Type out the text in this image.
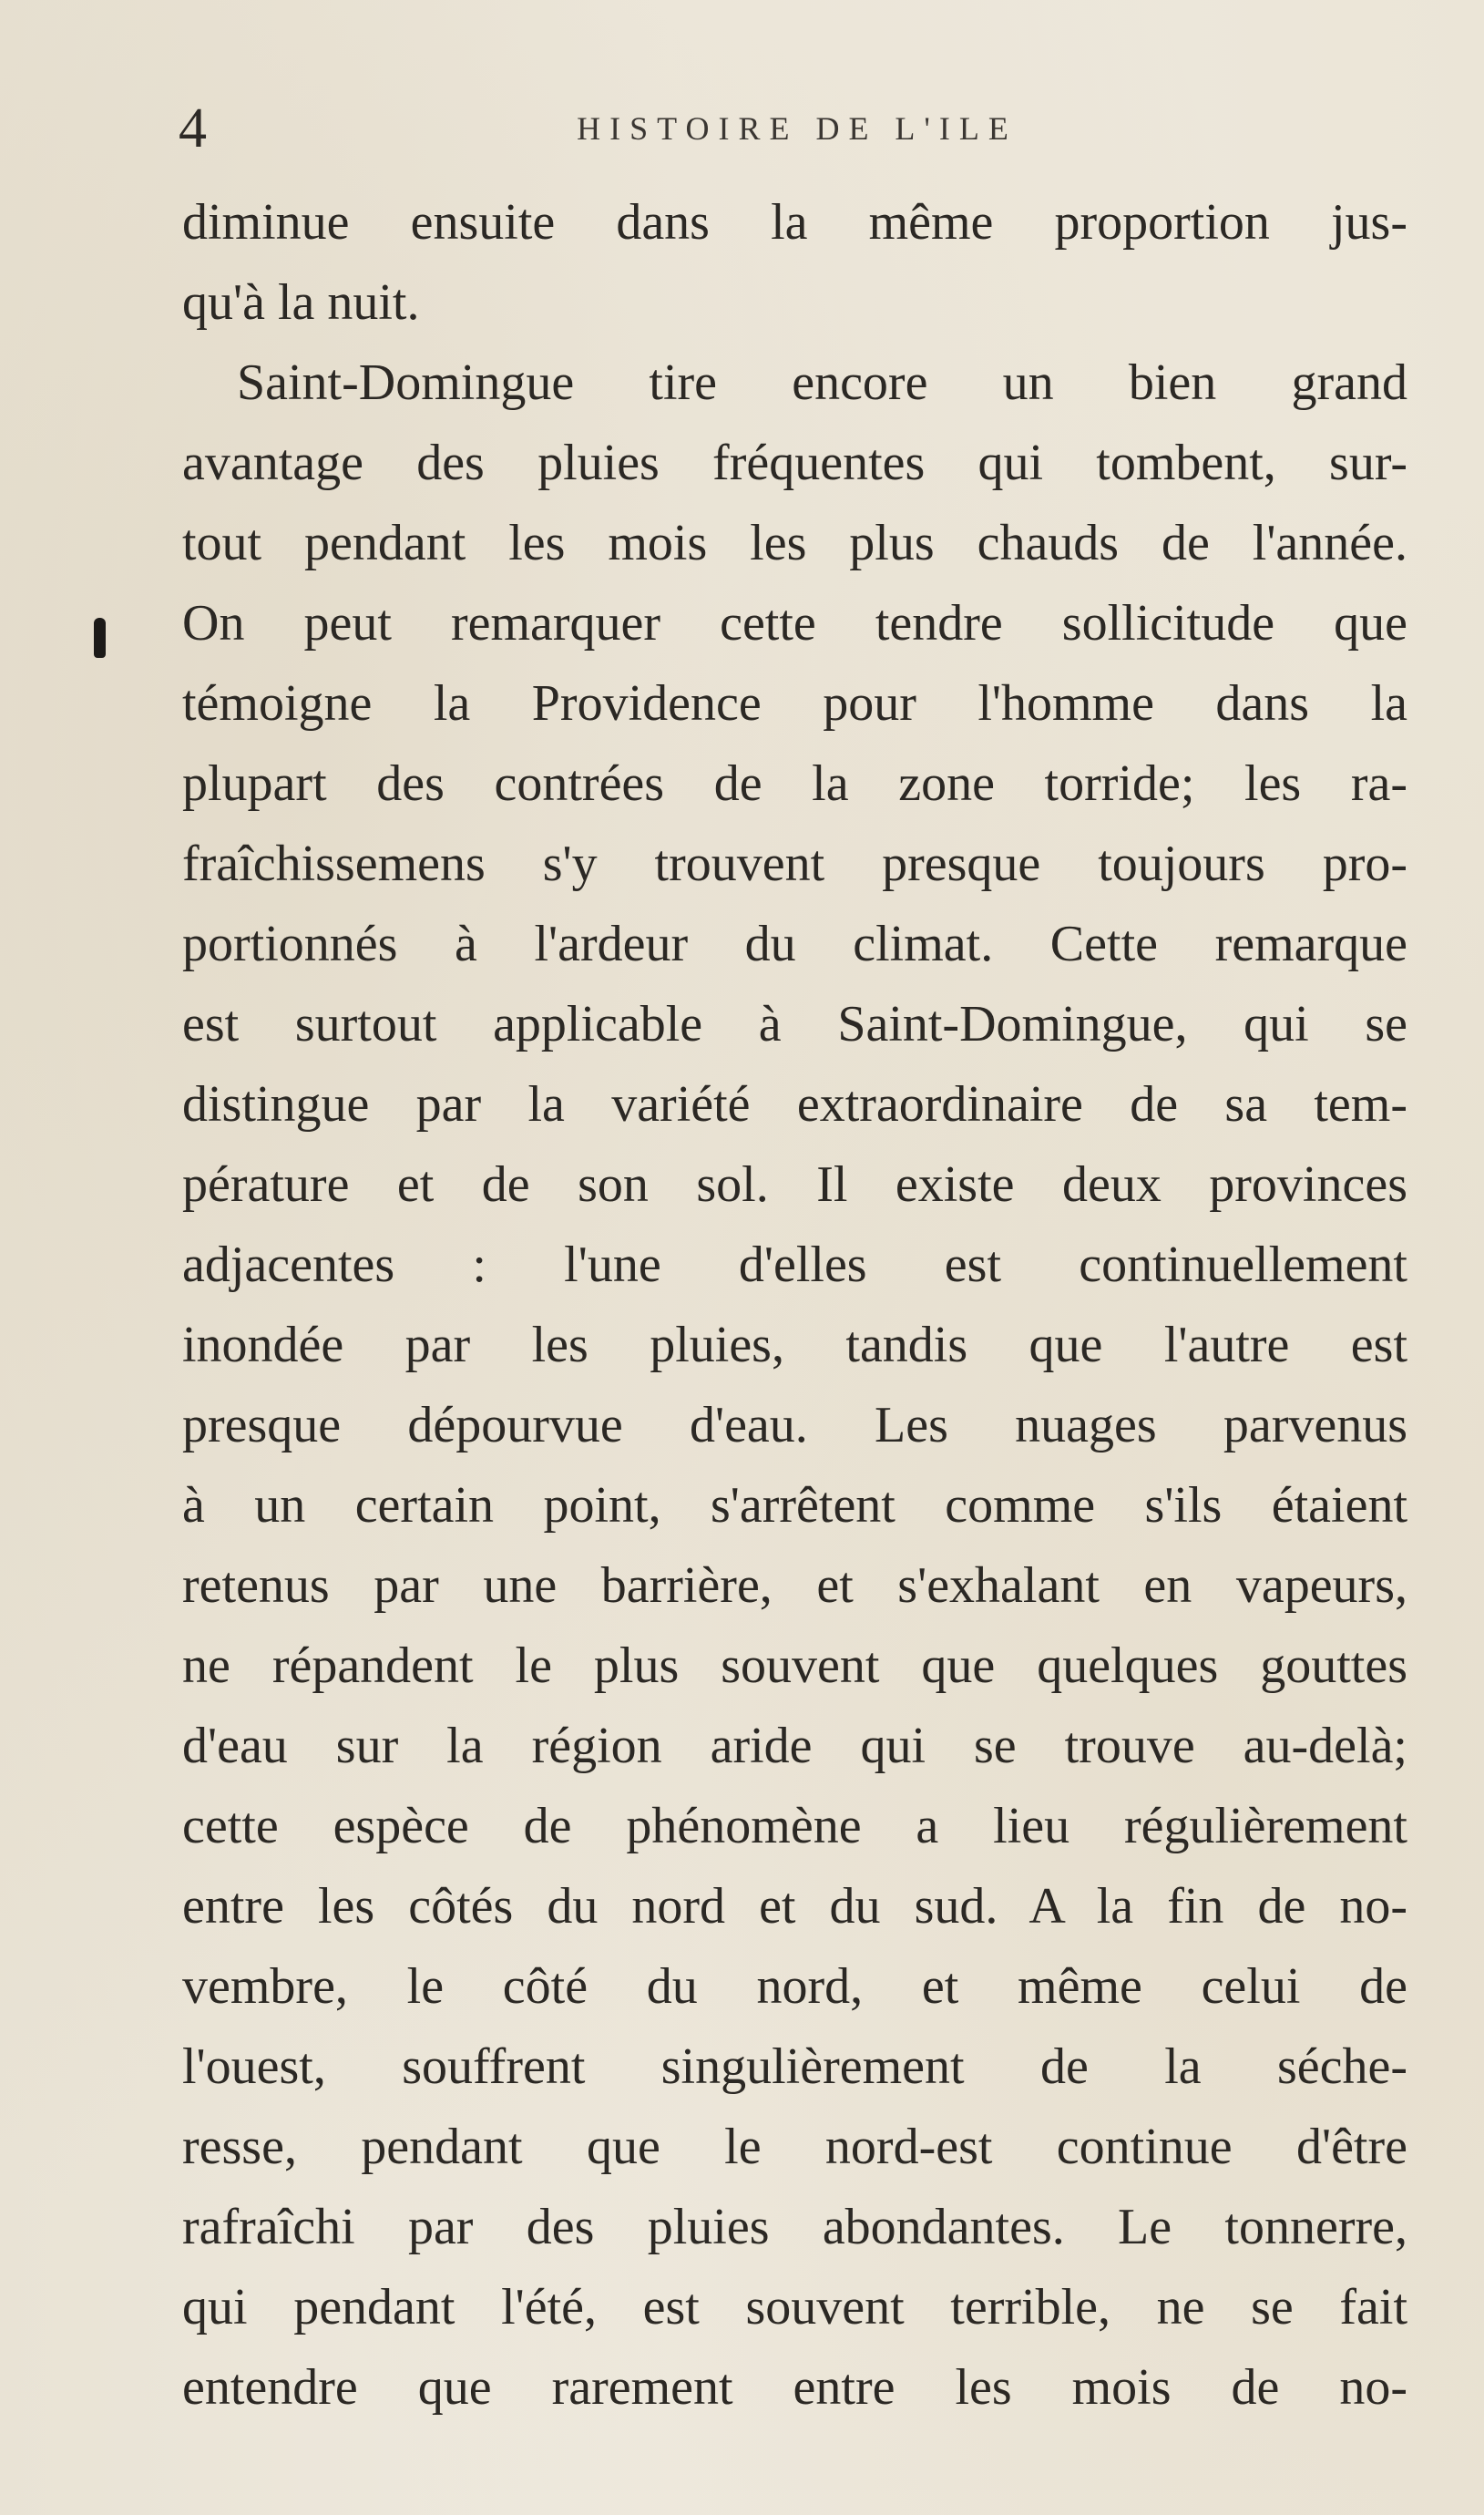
4	HISTOIRE DE L'ILE
diminue ensuite dans la même proportion jus-
qu'à la nuit.
Saint-Domingue tire encore un bien grand
avantage des pluies fréquentes qui tombent, sur-
tout pendant les mois les plus chauds de l'année.
On peut remarquer cette tendre sollicitude que
témoigne la Providence pour l'homme dans la
plupart des contrées de la zone torride; les ra-
fraîchissemens s'y trouvent presque toujours pro-
portionnés à l'ardeur du climat. Cette remarque
est surtout applicable à Saint-Domingue, qui se
distingue par la variété extraordinaire de sa tem-
pérature et de son sol. Il existe deux provinces
adjacentes : l'une d'elles est continuellement
inondée par les pluies, tandis que l'autre est
presque dépourvue d'eau. Les nuages parvenus
à un certain point, s'arrêtent comme s'ils étaient
retenus par une barrière, et s'exhalant en vapeurs,
ne répandent le plus souvent que quelques gouttes
d'eau sur la région aride qui se trouve au-delà;
cette espèce de phénomène a lieu régulièrement
entre les côtés du nord et du sud. A la fin de no-
vembre, le côté du nord, et même celui de
l'ouest, souffrent singulièrement de la séche-
resse, pendant que le nord-est continue d'être
rafraîchi par des pluies abondantes. Le tonnerre,
qui pendant l'été, est souvent terrible, ne se fait
entendre que rarement entre les mois de no-
